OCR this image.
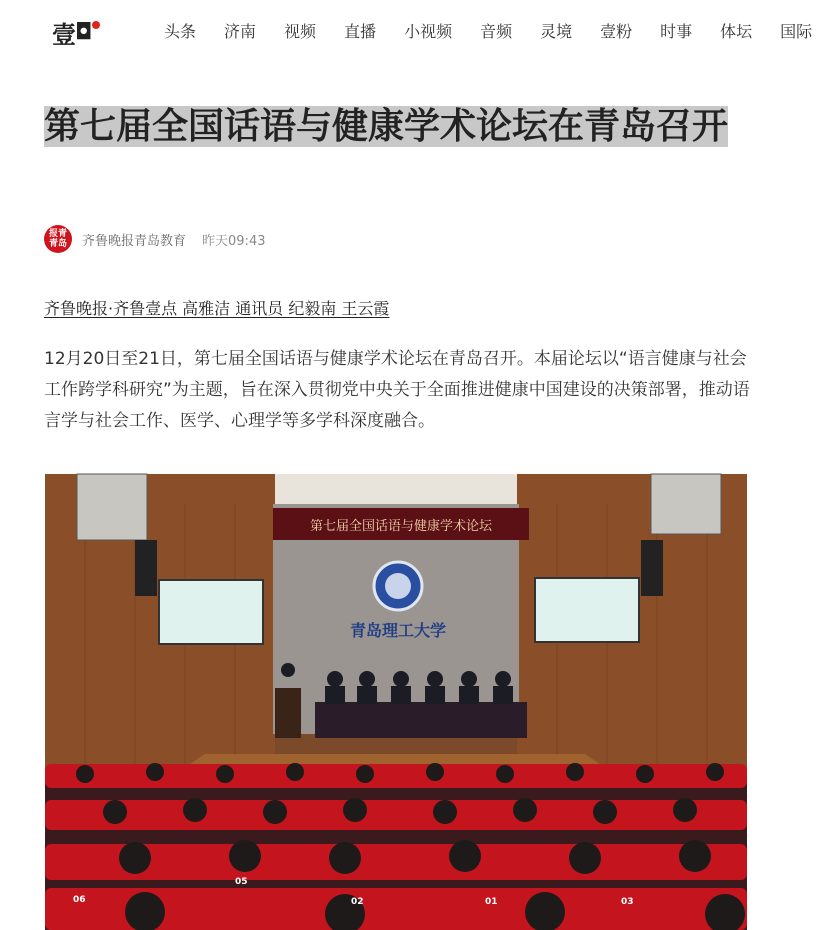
壹 ◘	头条 济南 视频 直播 小视频 音频 灵境 壹粉 时事 体坛 国际
第七届全国话语与健康学术论坛在青岛召开
报青
青岛 齐鲁晚报青岛教育 昨天09:43
齐鲁晚报·齐鲁壹点 高雅洁 通讯员 纪毅南 王云霞

12月20日至21日，第七届全国话语与健康学术论坛在青岛召开。本届论坛以“语言健康与社会工作跨学科研究”为主题，旨在深入贯彻党中央关于全面推进健康中国建设的决策部署，推动语言学与社会工作、医学、心理学等多学科深度融合。

第七届全国话语与健康学术论坛
青岛理工大学
06
05
02	01	03
